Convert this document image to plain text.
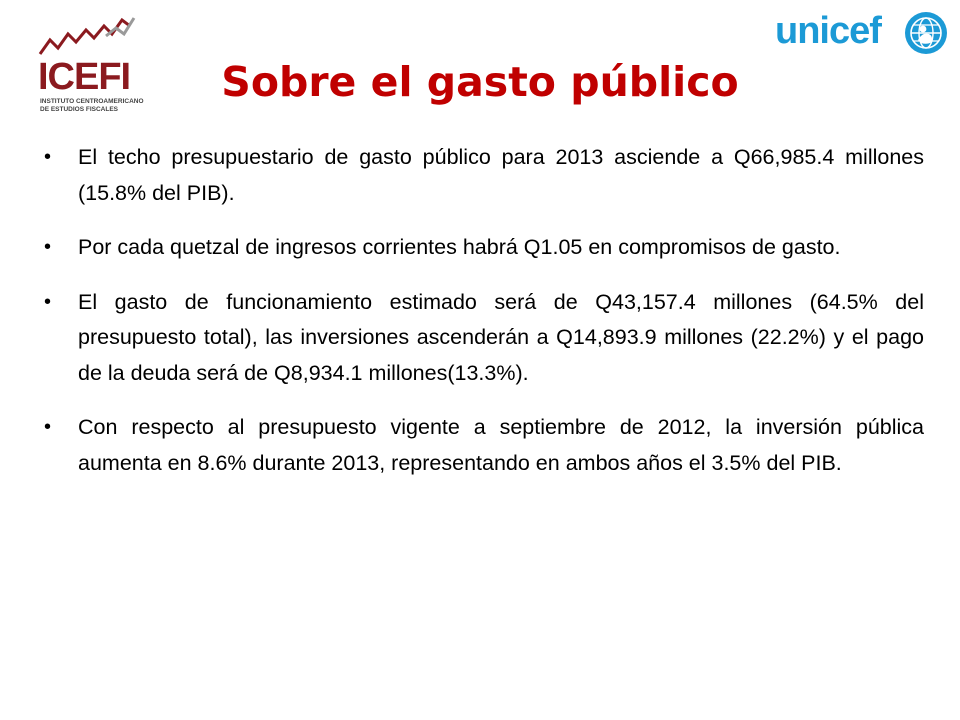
ICEFI
INSTITUTO CENTROAMERICANO DE ESTUDIOS FISCALES
unicef
Sobre el gasto público
• El techo presupuestario de gasto público para 2013 asciende a Q66,985.4 millones (15.8% del PIB).
• Por cada quetzal de ingresos corrientes habrá Q1.05 en compromisos de gasto.
• El gasto de funcionamiento estimado será de Q43,157.4 millones (64.5% del presupuesto total), las inversiones ascenderán a Q14,893.9 millones (22.2%) y el pago de la deuda será de Q8,934.1 millones(13.3%).
• Con respecto al presupuesto vigente a septiembre de 2012, la inversión pública aumenta en 8.6% durante 2013, representando en ambos años el 3.5% del PIB.
